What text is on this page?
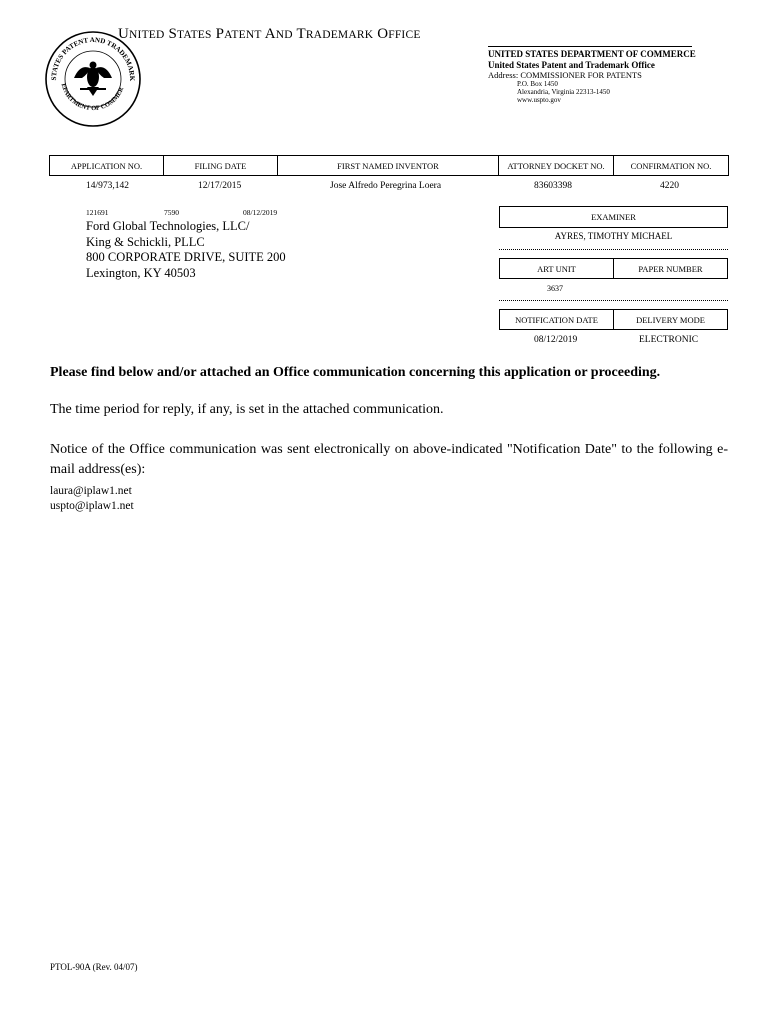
STATES PATENT AND TRADEMARK
EPARTMENT OF COMMER
UNITED STATES PATENT AND TRADEMARK OFFICE
UNITED STATES DEPARTMENT OF COMMERCE
United States Patent and Trademark Office
Address: COMMISSIONER FOR PATENTS
P.O. Box 1450
Alexandria, Virginia 22313-1450
www.uspto.gov
APPLICATION NO.	FILING DATE	FIRST NAMED INVENTOR	ATTORNEY DOCKET NO.	CONFIRMATION NO.
14/973,142	12/17/2015	Jose Alfredo Peregrina Loera	83603398	4220
121691	7590	08/12/2019
Ford Global Technologies, LLC/
King & Schickli, PLLC
800 CORPORATE DRIVE, SUITE 200
Lexington, KY 40503
EXAMINER
AYRES, TIMOTHY MICHAEL
ART UNIT	PAPER NUMBER
3637
NOTIFICATION DATE	DELIVERY MODE
08/12/2019	ELECTRONIC
Please find below and/or attached an Office communication concerning this application or proceeding.
The time period for reply, if any, is set in the attached communication.
Notice of the Office communication was sent electronically on above-indicated "Notification Date" to the following e-mail address(es):
laura@iplaw1.net
uspto@iplaw1.net
PTOL-90A (Rev. 04/07)
